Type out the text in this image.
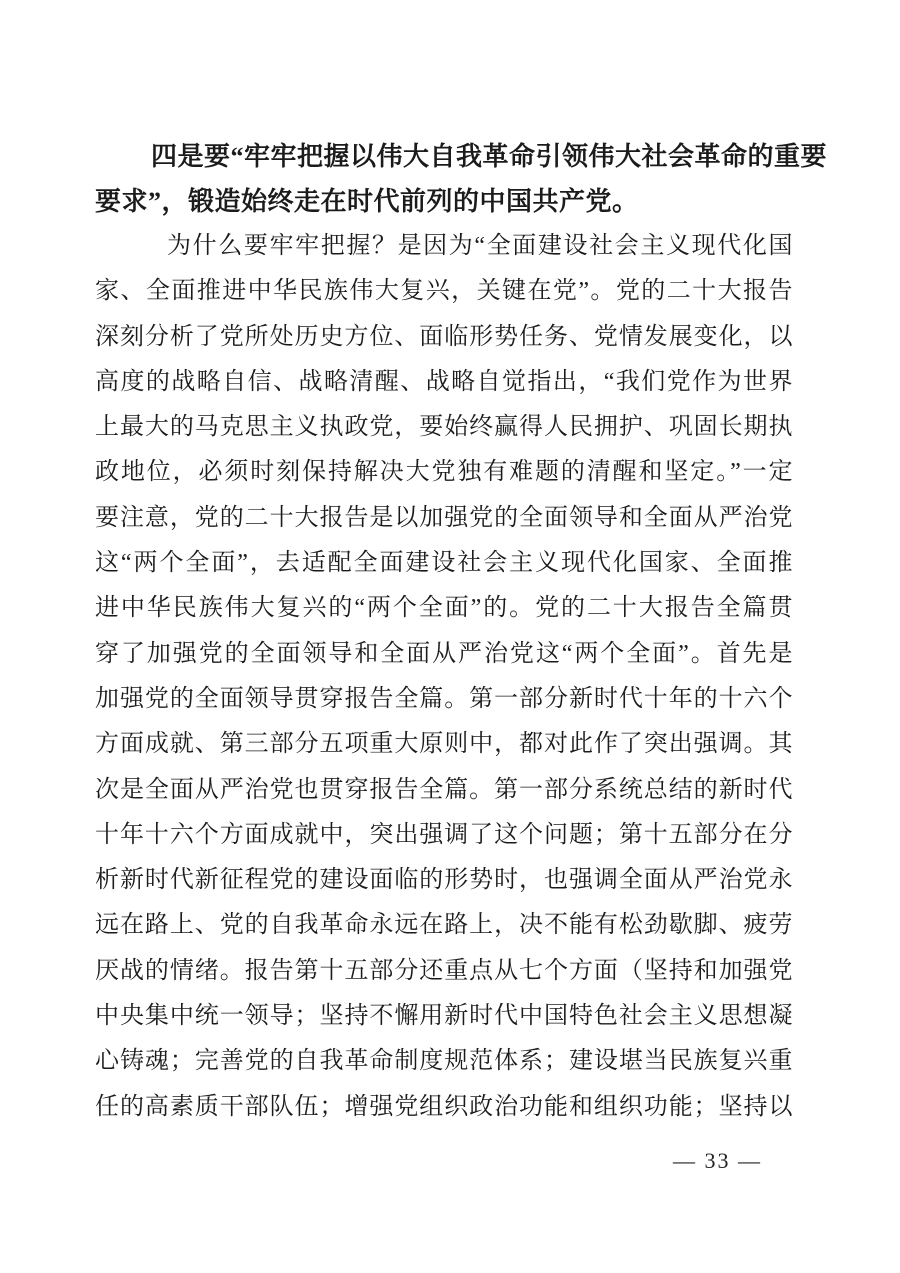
四是要“牢牢把握以伟大自我革命引领伟大社会革命的重要
要求”，锻造始终走在时代前列的中国共产党。
为什么要牢牢把握？是因为“全面建设社会主义现代化国
家、全面推进中华民族伟大复兴，关键在党”。党的二十大报告
深刻分析了党所处历史方位、面临形势任务、党情发展变化，以
高度的战略自信、战略清醒、战略自觉指出，“我们党作为世界
上最大的马克思主义执政党，要始终赢得人民拥护、巩固长期执
政地位，必须时刻保持解决大党独有难题的清醒和坚定。”一定
要注意，党的二十大报告是以加强党的全面领导和全面从严治党
这“两个全面”，去适配全面建设社会主义现代化国家、全面推
进中华民族伟大复兴的“两个全面”的。党的二十大报告全篇贯
穿了加强党的全面领导和全面从严治党这“两个全面”。首先是
加强党的全面领导贯穿报告全篇。第一部分新时代十年的十六个
方面成就、第三部分五项重大原则中，都对此作了突出强调。其
次是全面从严治党也贯穿报告全篇。第一部分系统总结的新时代
十年十六个方面成就中，突出强调了这个问题；第十五部分在分
析新时代新征程党的建设面临的形势时，也强调全面从严治党永
远在路上、党的自我革命永远在路上，决不能有松劲歇脚、疲劳
厌战的情绪。报告第十五部分还重点从七个方面（坚持和加强党
中央集中统一领导；坚持不懈用新时代中国特色社会主义思想凝
心铸魂；完善党的自我革命制度规范体系；建设堪当民族复兴重
任的高素质干部队伍；增强党组织政治功能和组织功能；坚持以
— 33 —
